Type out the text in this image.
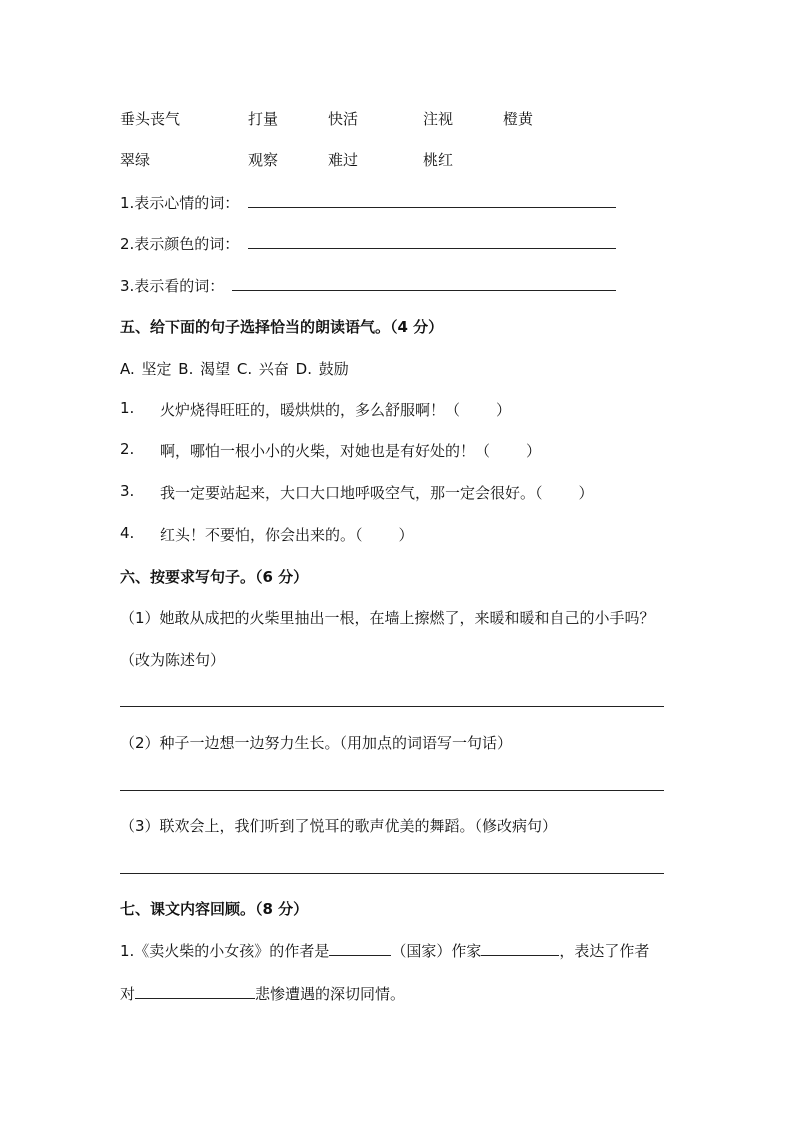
垂头丧气	打量	快活	注视	橙黄
翠绿	观察	难过	桃红
1.表示心情的词：
2.表示颜色的词：
3.表示看的词：
五、给下面的句子选择恰当的朗读语气。（4 分）
A. 坚定 B. 渴望 C. 兴奋 D. 鼓励
1. 火炉烧得旺旺的，暖烘烘的，多么舒服啊！（ ）
2. 啊，哪怕一根小小的火柴，对她也是有好处的！（ ）
3. 我一定要站起来，大口大口地呼吸空气，那一定会很好。（ ）
4. 红头！不要怕，你会出来的。（ ）
六、按要求写句子。（6 分）
（1）她敢从成把的火柴里抽出一根，在墙上擦燃了，来暖和暖和自己的小手吗？
（改为陈述句）
（2）种子一边想一边努力生长。（用加点的词语写一句话）
（3）联欢会上，我们听到了悦耳的歌声优美的舞蹈。（修改病句）
七、课文内容回顾。（8 分）
1.《卖火柴的小女孩》的作者是	（国家）作家	，表达了作者
对	悲惨遭遇的深切同情。
